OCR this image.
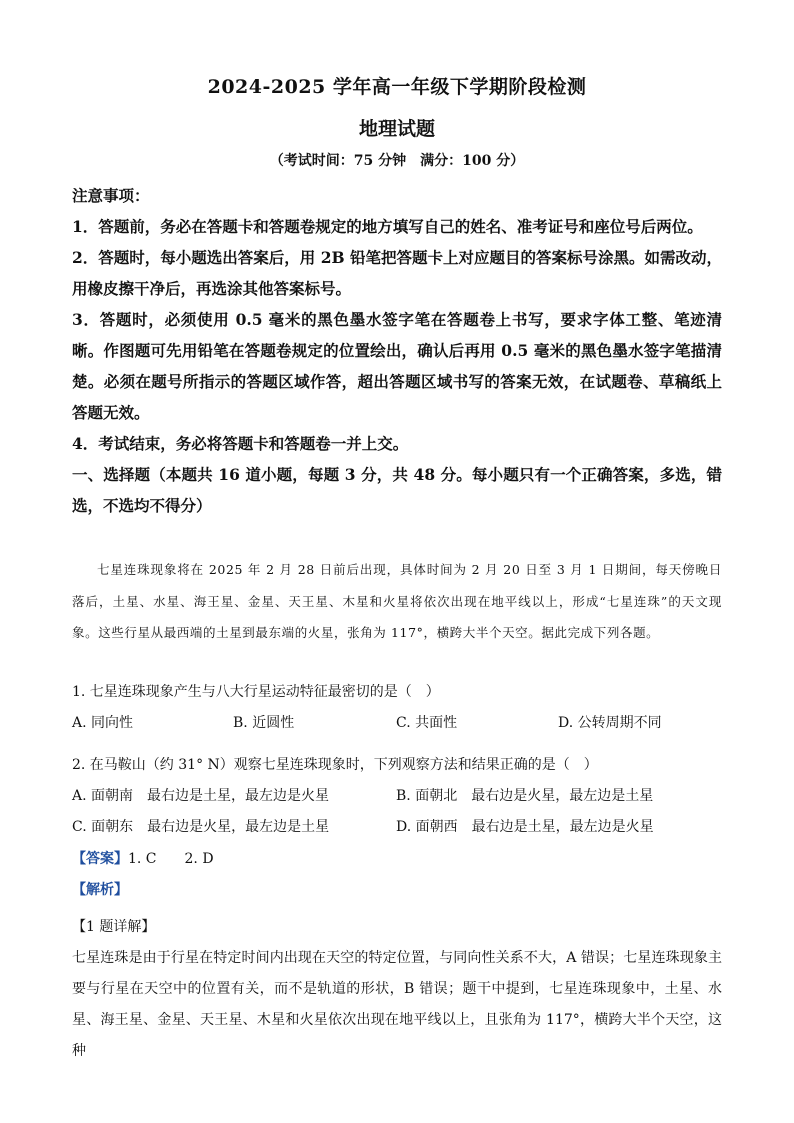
2024-2025 学年高一年级下学期阶段检测
地理试题
（考试时间：75 分钟　满分：100 分）

注意事项：

1．答题前，务必在答题卡和答题卷规定的地方填写自己的姓名、准考证号和座位号后两位。

2．答题时，每小题选出答案后，用 2B 铅笔把答题卡上对应题目的答案标号涂黑。如需改动，用橡皮擦干净后，再选涂其他答案标号。

3．答题时，必须使用 0.5 毫米的黑色墨水签字笔在答题卷上书写，要求字体工整、笔迹清晰。作图题可先用铅笔在答题卷规定的位置绘出，确认后再用 0.5 毫米的黑色墨水签字笔描清楚。必须在题号所指示的答题区域作答，超出答题区域书写的答案无效，在试题卷、草稿纸上答题无效。

4．考试结束，务必将答题卡和答题卷一并上交。

一、选择题（本题共 16 道小题，每题 3 分，共 48 分。每小题只有一个正确答案，多选，错选，不选均不得分）

七星连珠现象将在 2025 年 2 月 28 日前后出现，具体时间为 2 月 20 日至 3 月 1 日期间，每天傍晚日落后，土星、水星、海王星、金星、天王星、木星和火星将依次出现在地平线以上，形成“七星连珠”的天文现象。这些行星从最西端的土星到最东端的火星，张角为 117°，横跨大半个天空。据此完成下列各题。
1. 七星连珠现象产生与八大行星运动特征最密切的是（　）
A. 同向性	B. 近圆性	C. 共面性	D. 公转周期不同
2. 在马鞍山（约 31° N）观察七星连珠现象时，下列观察方法和结果正确的是（　）
A. 面朝南　最右边是土星，最左边是火星	B. 面朝北　最右边是火星，最左边是土星
C. 面朝东　最右边是火星，最左边是土星	D. 面朝西　最右边是土星，最左边是火星
【答案】1. C　　2. D
【解析】
【1 题详解】
七星连珠是由于行星在特定时间内出现在天空的特定位置，与同向性关系不大，A 错误；七星连珠现象主要与行星在天空中的位置有关，而不是轨道的形状，B 错误；题干中提到，七星连珠现象中，土星、水星、海王星、金星、天王星、木星和火星依次出现在地平线以上，且张角为 117°，横跨大半个天空，这种
